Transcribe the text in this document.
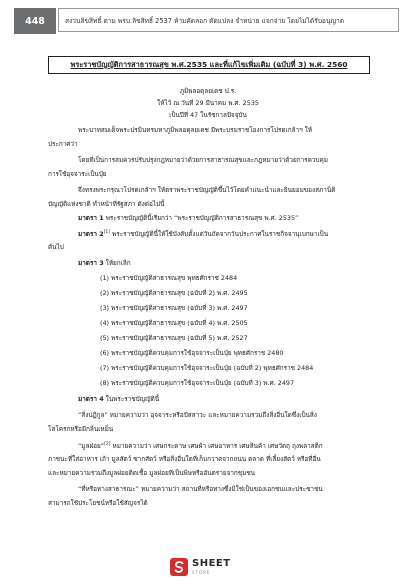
448	สงวนลิขสิทธิ์ ตาม พรบ.ลิขสิทธิ์ 2537 ห้ามคัดลอก ดัดแปลง จำหน่าย แจกจ่าย โดยไม่ได้รับอนุญาต
พระราชบัญญัติการสาธารณสุข พ.ศ.2535 และที่แก้ไขเพิ่มเติม (ฉบับที่ 3) พ.ศ. 2560
ภูมิพลอดุลยเดช ป.ร.
ให้ไว้ ณ วันที่ 29 มีนาคม พ.ศ. 2535
เป็นปีที่ 47 ในรัชกาลปัจจุบัน
พระบาทสมเด็จพระปรมินทรมหาภูมิพลอดุลยเดช มีพระบรมราชโองการโปรดเกล้าฯ ให้
ประกาศว่า
โดยที่เป็นการสมควรปรับปรุงกฎหมายว่าด้วยการสาธารณสุขและกฎหมายว่าด้วยการควบคุม
การใช้อุจจาระเป็นปุ๋ย
จึงทรงพระกรุณาโปรดเกล้าฯ ให้ตราพระราชบัญญัติขึ้นไว้โดยคำแนะนำและยินยอมของสภานิติ
บัญญัติแห่งชาติ ทำหน้าที่รัฐสภา ดังต่อไปนี้
มาตรา 1 พระราชบัญญัตินี้เรียกว่า “พระราชบัญญัติการสาธารณสุข พ.ศ. 2535”
มาตรา 2[1] พระราชบัญญัตินี้ให้ใช้บังคับตั้งแต่วันถัดจากวันประกาศในราชกิจจานุเบกษาเป็น
ต้นไป
มาตรา 3 ให้ยกเลิก
(1) พระราชบัญญัติสาธารณสุข พุทธศักราช 2484
(2) พระราชบัญญัติสาธารณสุข (ฉบับที่ 2) พ.ศ. 2495
(3) พระราชบัญญัติสาธารณสุข (ฉบับที่ 3) พ.ศ. 2497
(4) พระราชบัญญัติสาธารณสุข (ฉบับที่ 4) พ.ศ. 2505
(5) พระราชบัญญัติสาธารณสุข (ฉบับที่ 5) พ.ศ. 2527
(6) พระราชบัญญัติควบคุมการใช้อุจจาระเป็นปุ๋ย พุทธศักราช 2480
(7) พระราชบัญญัติควบคุมการใช้อุจจาระเป็นปุ๋ย (ฉบับที่ 2) พุทธศักราช 2484
(8) พระราชบัญญัติควบคุมการใช้อุจจาระเป็นปุ๋ย (ฉบับที่ 3) พ.ศ. 2497
มาตรา 4 ในพระราชบัญญัตินี้
“สิ่งปฏิกูล” หมายความว่า อุจจาระหรือปัสสาวะ และหมายความรวมถึงสิ่งอื่นใดซึ่งเป็นสิ่ง
โสโครกหรือมีกลิ่นเหม็น
“มูลฝอย”[2] หมายความว่า เศษกระดาษ เศษผ้า เศษอาหาร เศษสินค้า เศษวัตถุ ถุงพลาสติก
ภาชนะที่ใส่อาหาร เถ้า มูลสัตว์ ซากสัตว์ หรือสิ่งอื่นใดที่เก็บกวาดจากถนน ตลาด ที่เลี้ยงสัตว์ หรือที่อื่น
และหมายความรวมถึงมูลฝอยติดเชื้อ มูลฝอยที่เป็นพิษหรืออันตรายจากชุมชน
“ที่หรือทางสาธารณะ” หมายความว่า สถานที่หรือทางซึ่งมิใช่เป็นของเอกชนและประชาชน
สามารถใช้ประโยชน์หรือใช้สัญจรได้
SHEET
STORE
